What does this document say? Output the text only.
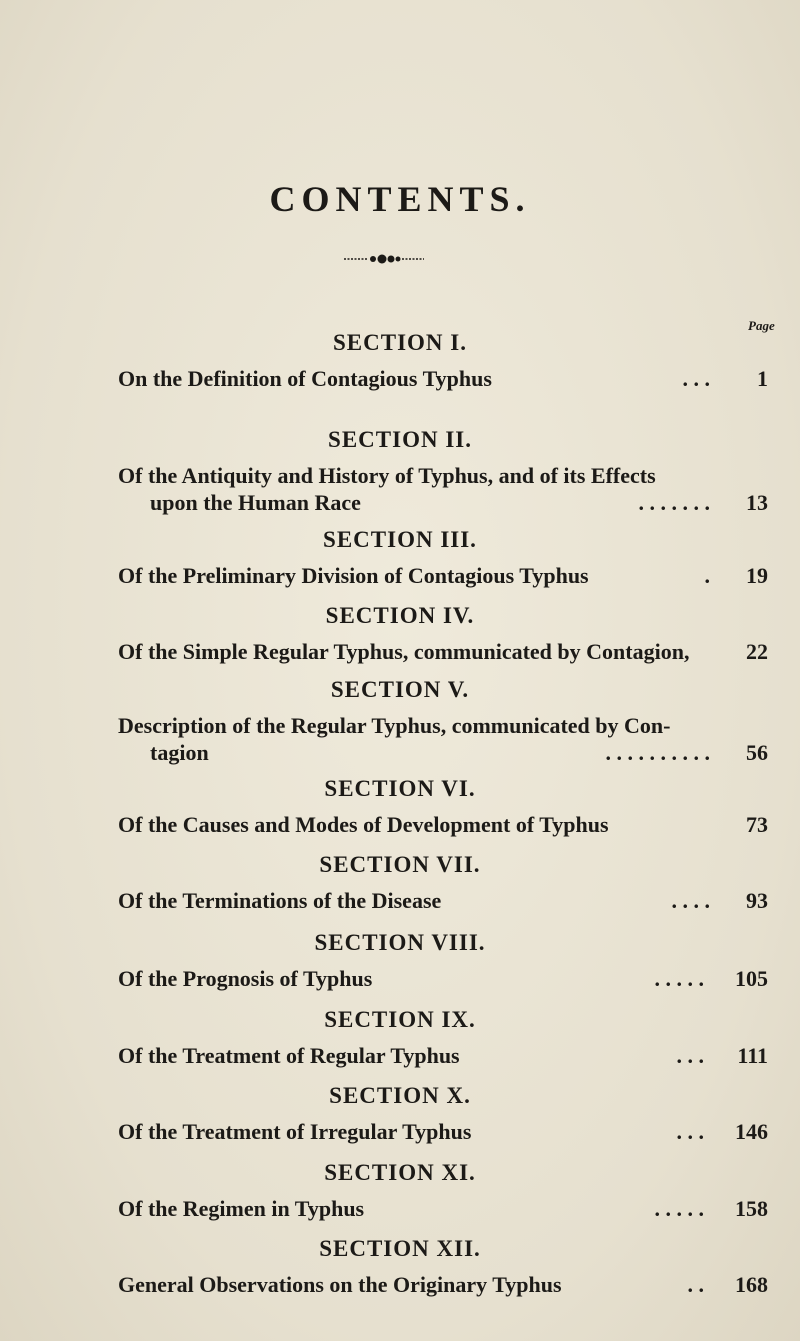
CONTENTS.
Page
SECTION I.
On the Definition of Contagious Typhus	. . . 1
SECTION II.
Of the Antiquity and History of Typhus, and of its Effects
upon the Human Race	. . . . . . . 13
SECTION III.
Of the Preliminary Division of Contagious Typhus	. 19
SECTION IV.
Of the Simple Regular Typhus, communicated by Contagion,	22
SECTION V.
Description of the Regular Typhus, communicated by Con-
tagion	. . . . . . . . . . 56
SECTION VI.
Of the Causes and Modes of Development of Typhus	73
SECTION VII.
Of the Terminations of the Disease	. . . . 93
SECTION VIII.
Of the Prognosis of Typhus	. . . . . 105
SECTION IX.
Of the Treatment of Regular Typhus	. . . 111
SECTION X.
Of the Treatment of Irregular Typhus	. . . 146
SECTION XI.
Of the Regimen in Typhus	. . . . . 158
SECTION XII.
General Observations on the Originary Typhus	. . 168
